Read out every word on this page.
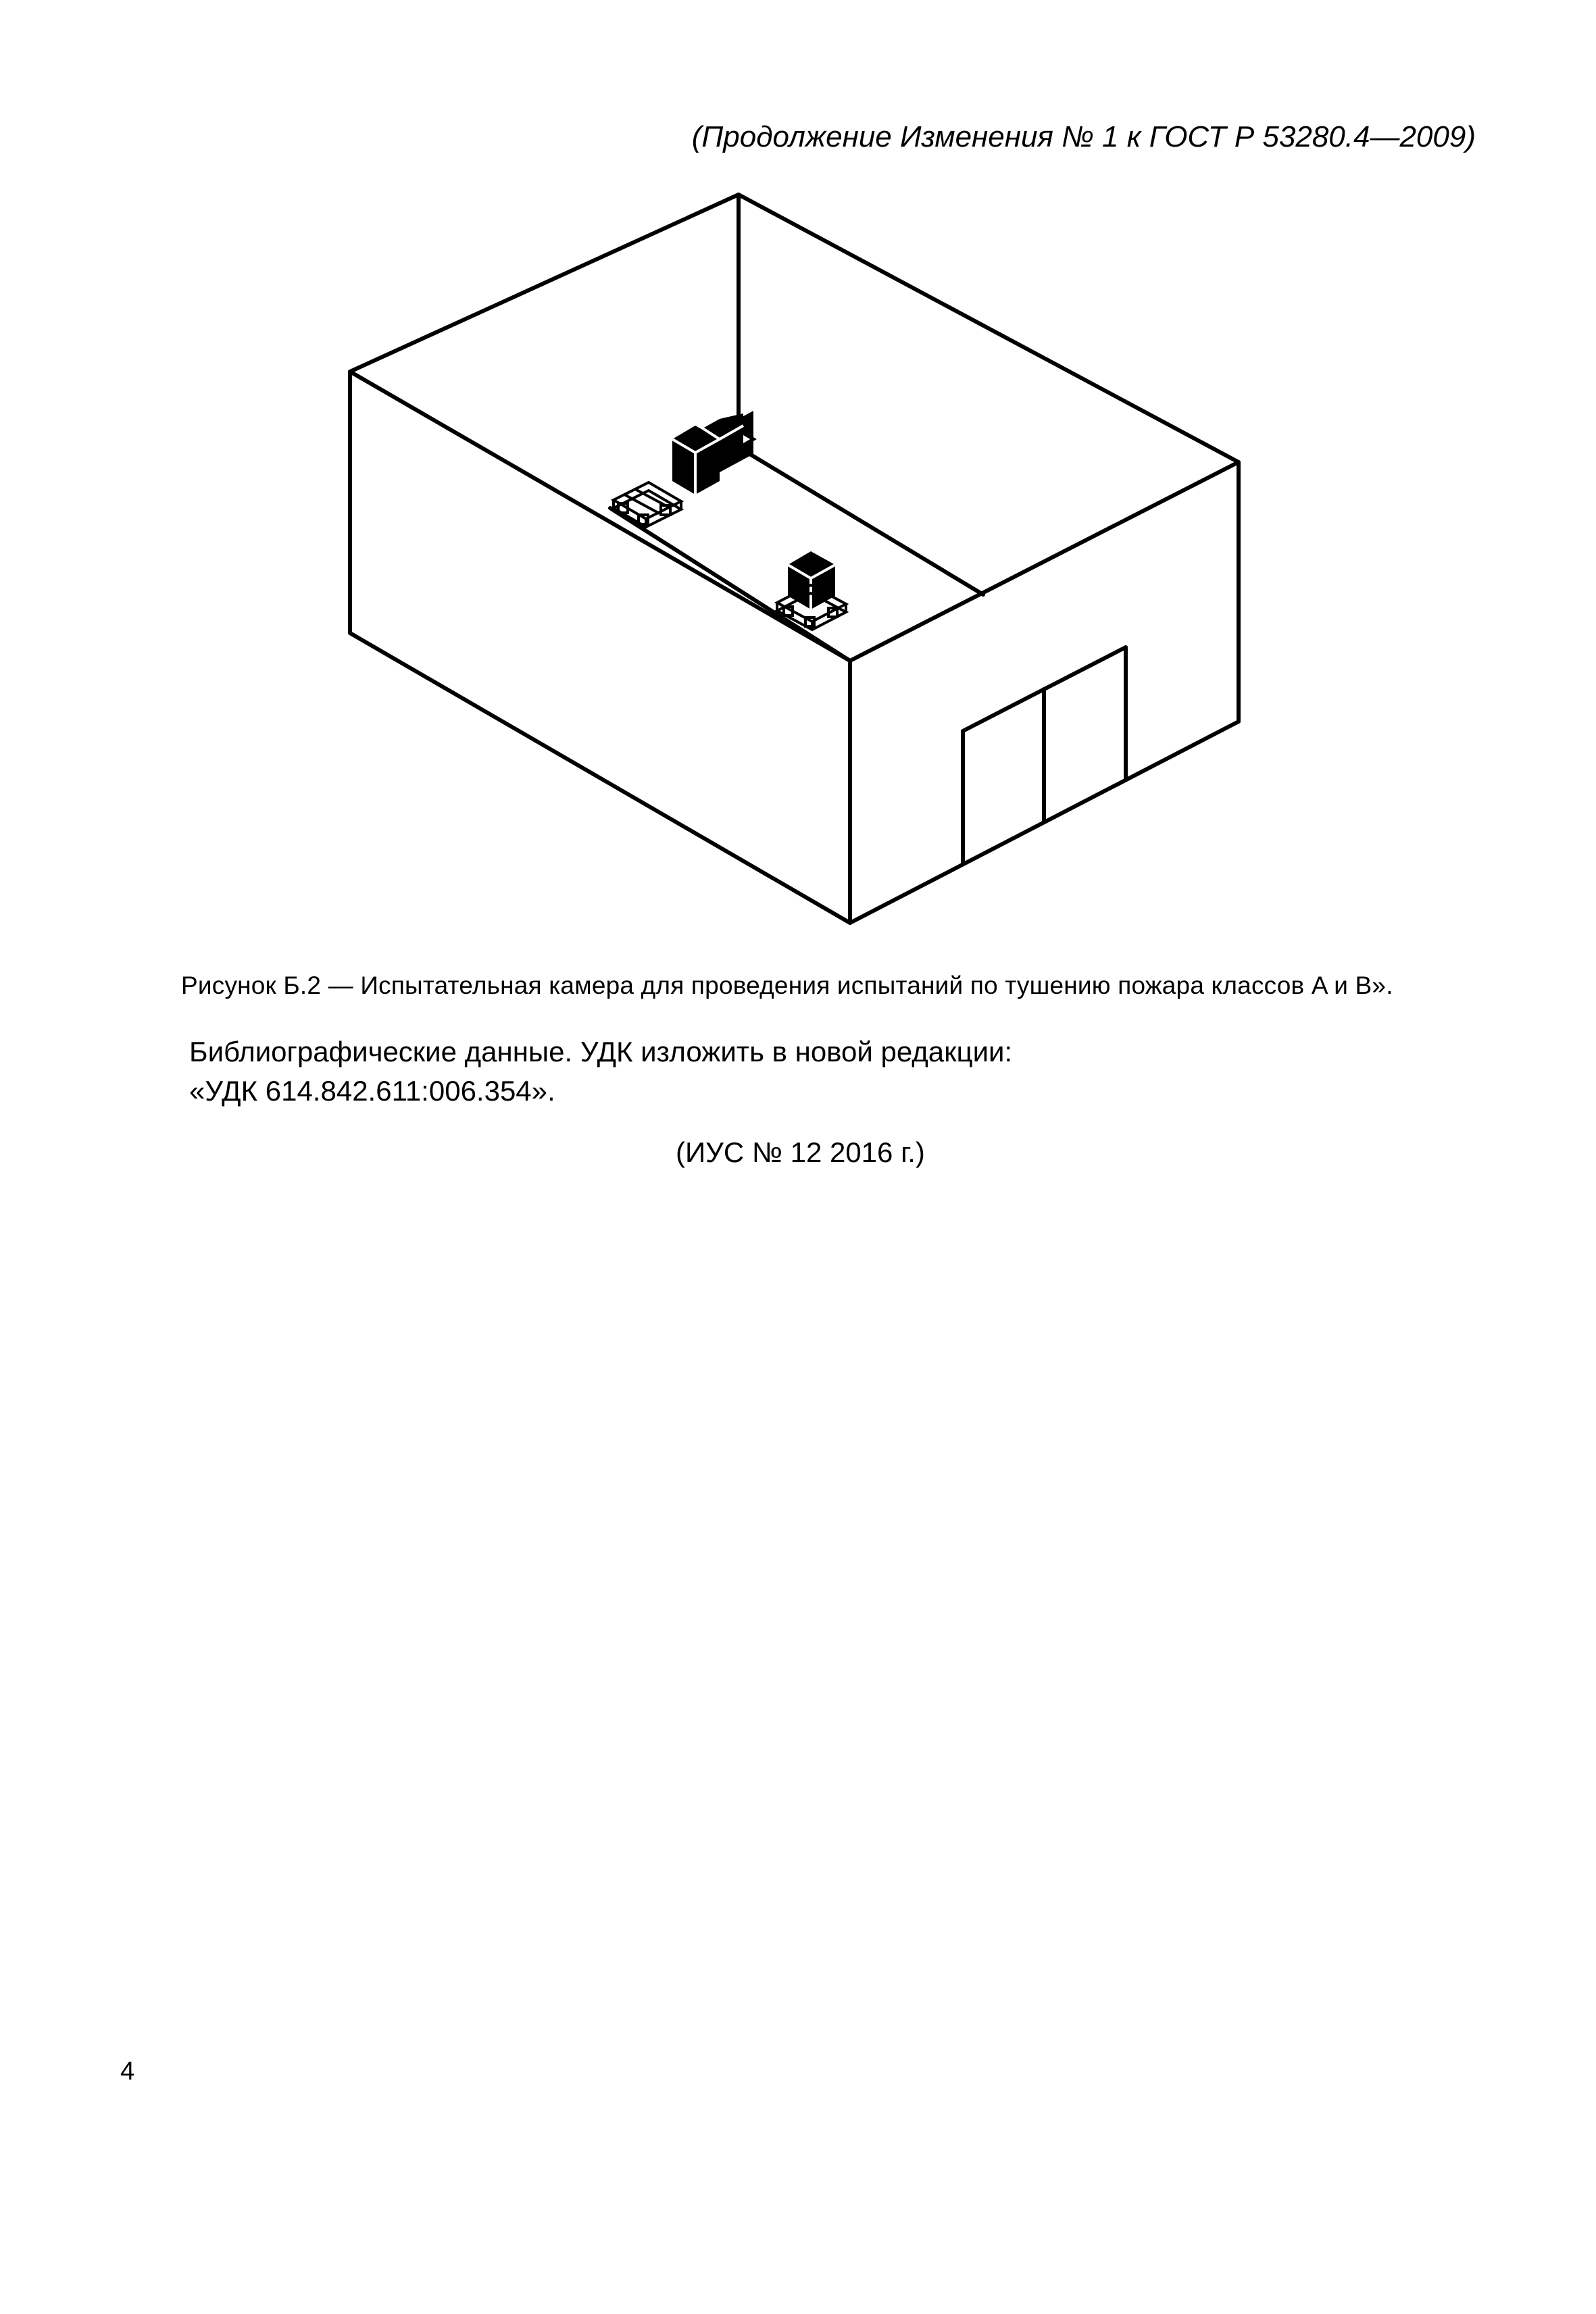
(Продолжение Изменения № 1 к ГОСТ Р 53280.4—2009)
Рисунок Б.2 — Испытательная камера для проведения испытаний по тушению пожара классов A и B».
Библиографические данные. УДК изложить в новой редакции:
«УДК 614.842.611:006.354».
(ИУС № 12 2016 г.)
4
